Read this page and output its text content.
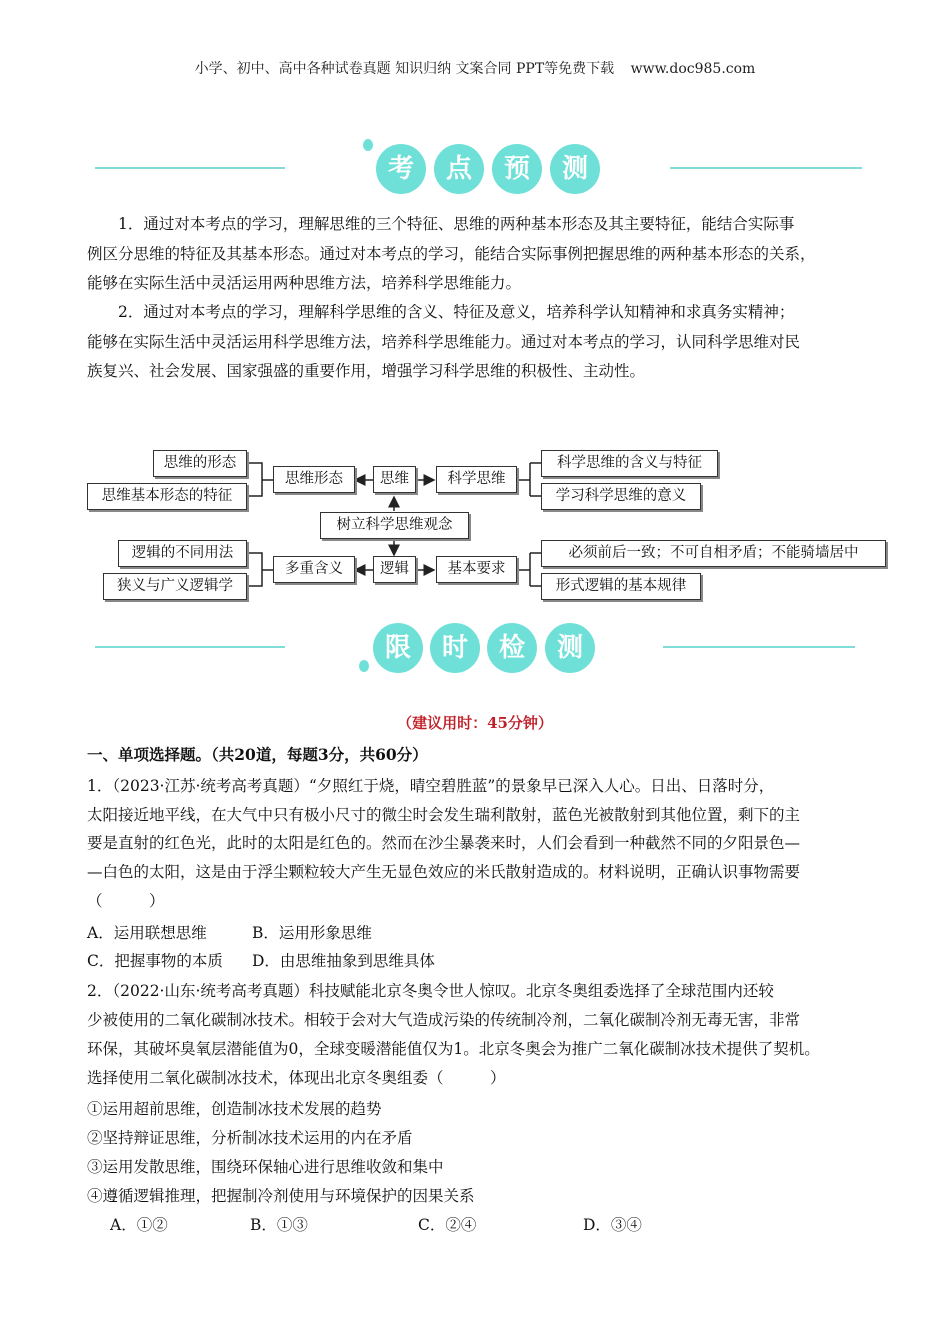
小学、初中、高中各种试卷真题 知识归纳 文案合同 PPT等免费下载 www.doc985.com
考	点	预	测
1．通过对本考点的学习，理解思维的三个特征、思维的两种基本形态及其主要特征，能结合实际事
例区分思维的特征及其基本形态。通过对本考点的学习，能结合实际事例把握思维的两种基本形态的关系，
能够在实际生活中灵活运用两种思维方法，培养科学思维能力。
2．通过对本考点的学习，理解科学思维的含义、特征及意义，培养科学认知精神和求真务实精神；
能够在实际生活中灵活运用科学思维方法，培养科学思维能力。通过对本考点的学习，认同科学思维对民
族复兴、社会发展、国家强盛的重要作用，增强学习科学思维的积极性、主动性。
思维的形态
思维基本形态的特征
思维形态	思维	科学思维
科学思维的含义与特征
学习科学思维的意义
树立科学思维观念
逻辑的不同用法
狭义与广义逻辑学
多重含义	逻辑	基本要求
必须前后一致；不可自相矛盾；不能骑墙居中
形式逻辑的基本规律
限	时	检	测
（建议用时：45分钟）
一、单项选择题。（共20道，每题3分，共60分）
1．（2023·江苏·统考高考真题）“夕照红于烧，晴空碧胜蓝”的景象早已深入人心。日出、日落时分，
太阳接近地平线，在大气中只有极小尺寸的微尘时会发生瑞利散射，蓝色光被散射到其他位置，剩下的主
要是直射的红色光，此时的太阳是红色的。然而在沙尘暴袭来时，人们会看到一种截然不同的夕阳景色—
—白色的太阳，这是由于浮尘颗粒较大产生无显色效应的米氏散射造成的。材料说明，正确认识事物需要
（　　　）
A．运用联想思维	B．运用形象思维
C．把握事物的本质 D．由思维抽象到思维具体
2．（2022·山东·统考高考真题）科技赋能北京冬奥令世人惊叹。北京冬奥组委选择了全球范围内还较
少被使用的二氧化碳制冰技术。相较于会对大气造成污染的传统制冷剂，二氧化碳制冷剂无毒无害，非常
环保，其破坏臭氧层潜能值为0，全球变暖潜能值仅为1。北京冬奥会为推广二氧化碳制冰技术提供了契机。
选择使用二氧化碳制冰技术，体现出北京冬奥组委（　　　）
①运用超前思维，创造制冰技术发展的趋势
②坚持辩证思维，分析制冰技术运用的内在矛盾
③运用发散思维，围绕环保轴心进行思维收敛和集中
④遵循逻辑推理，把握制冷剂使用与环境保护的因果关系
A．①②	B．①③	C．②④	D．③④
